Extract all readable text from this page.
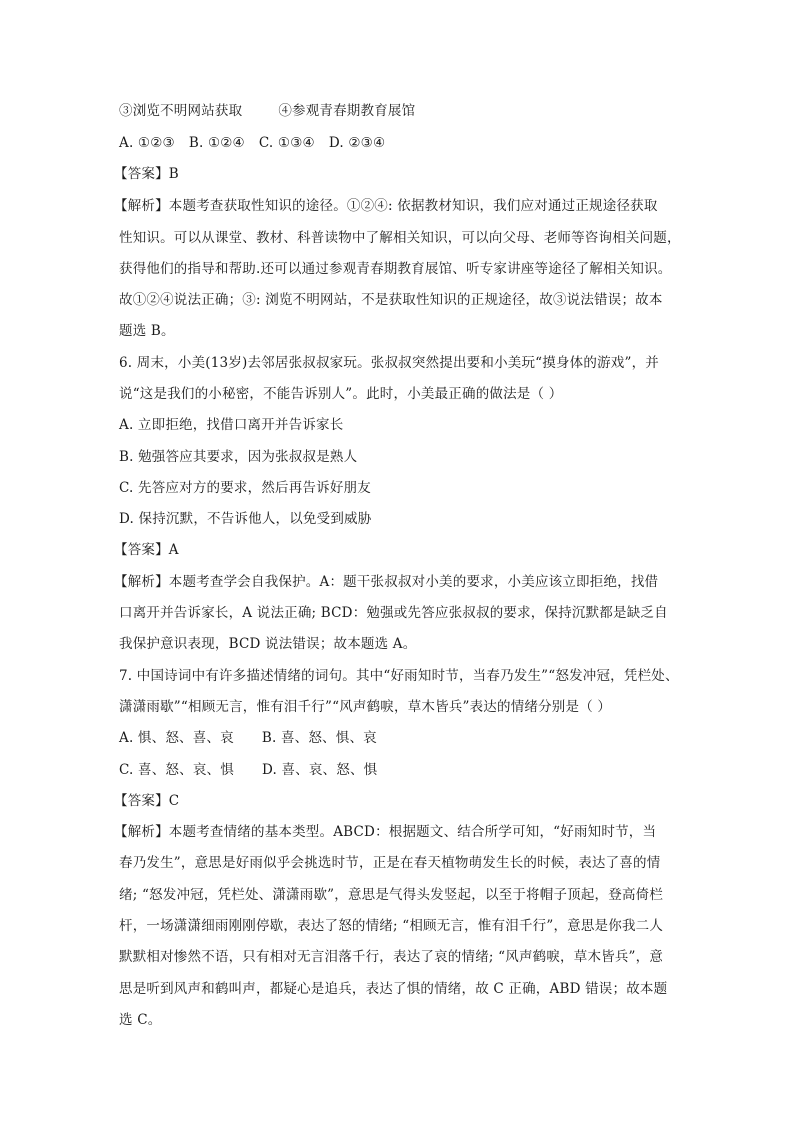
③浏览不明网站获取	④参观青春期教育展馆
A. ①②③ B. ①②④ C. ①③④ D. ②③④
【答案】B
【解析】本题考查获取性知识的途径。①②④: 依据教材知识，我们应对通过正规途径获取
性知识。可以从课堂、教材、科普读物中了解相关知识，可以向父母、老师等咨询相关问题，
获得他们的指导和帮助.还可以通过参观青春期教育展馆、听专家讲座等途径了解相关知识。
故①②④说法正确；③: 浏览不明网站，不是获取性知识的正规途径，故③说法错误；故本
题选 B。
6. 周末，小美(13岁)去邻居张叔叔家玩。张叔叔突然提出要和小美玩“摸身体的游戏”，并
说“这是我们的小秘密，不能告诉别人”。此时，小美最正确的做法是（ ）
A. 立即拒绝，找借口离开并告诉家长
B. 勉强答应其要求，因为张叔叔是熟人
C. 先答应对方的要求，然后再告诉好朋友
D. 保持沉默，不告诉他人，以免受到威胁
【答案】A
【解析】本题考查学会自我保护。A：题干张叔叔对小美的要求，小美应该立即拒绝，找借
口离开并告诉家长，A 说法正确; BCD：勉强或先答应张叔叔的要求，保持沉默都是缺乏自
我保护意识表现，BCD 说法错误；故本题选 A。
7. 中国诗词中有许多描述情绪的词句。其中“好雨知时节，当春乃发生”“怒发冲冠，凭栏处、
潇潇雨歇”“相顾无言，惟有泪千行”“风声鹤唳，草木皆兵”表达的情绪分别是（ ）
A. 惧、怒、喜、哀 B. 喜、怒、惧、哀
C. 喜、怒、哀、惧 D. 喜、哀、怒、惧
【答案】C
【解析】本题考查情绪的基本类型。ABCD：根据题文、结合所学可知，“好雨知时节，当
春乃发生”，意思是好雨似乎会挑选时节，正是在春天植物萌发生长的时候，表达了喜的情
绪; “怒发冲冠，凭栏处、潇潇雨歇”，意思是气得头发竖起，以至于将帽子顶起，登高倚栏
杆，一场潇潇细雨刚刚停歇，表达了怒的情绪; “相顾无言，惟有泪千行”，意思是你我二人
默默相对惨然不语，只有相对无言泪落千行，表达了哀的情绪; “风声鹤唳，草木皆兵”，意
思是听到风声和鹤叫声，都疑心是追兵，表达了惧的情绪，故 C 正确，ABD 错误；故本题
选 C。
